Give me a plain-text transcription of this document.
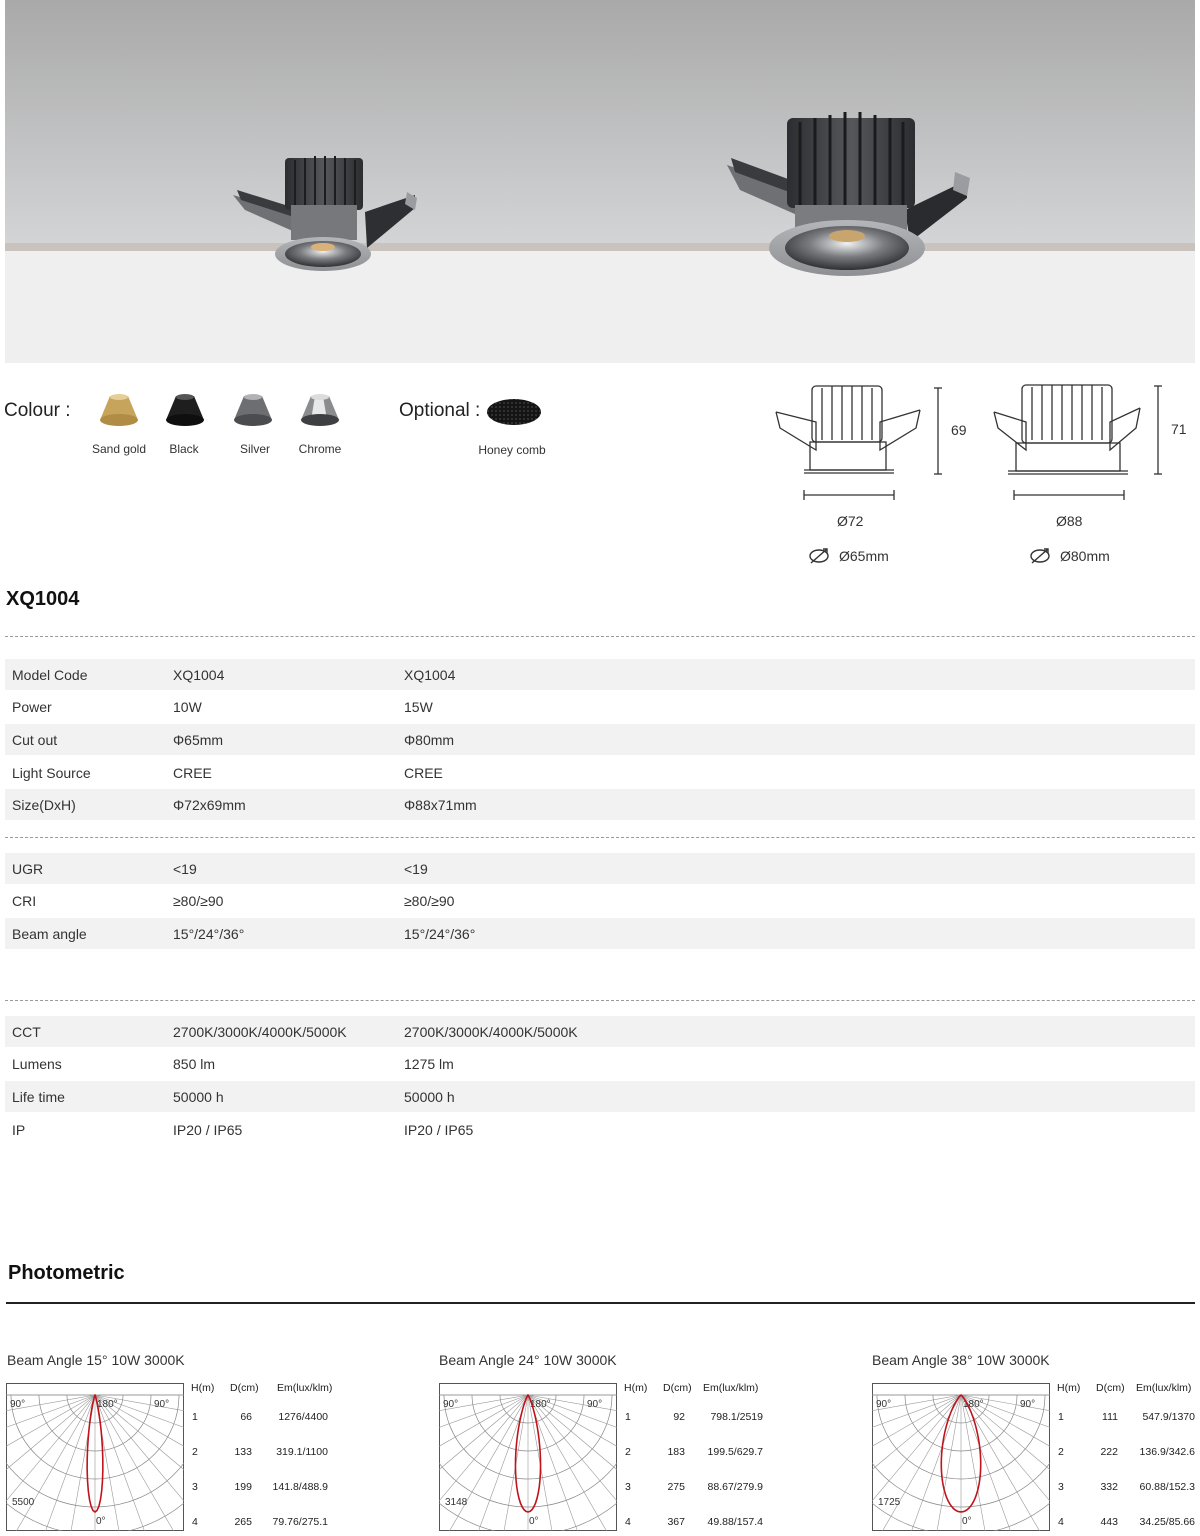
Colour :
Sand gold	Black	Silver	Chrome
Optional :
Honey comb
69
Ø72
71
Ø88
Ø65mm	Ø80mm
XQ1004
Model Code	XQ1004	XQ1004
Power	10W	15W
Cut out	Φ65mm	Φ80mm
Light Source	CREE	CREE
Size(DxH)	Φ72x69mm	Φ88x71mm
UGR	<19	<19
CRI	≥80/≥90	≥80/≥90
Beam angle	15°/24°/36°	15°/24°/36°
CCT	2700K/3000K/4000K/5000K	2700K/3000K/4000K/5000K
Lumens	850 lm	1275 lm
Life time	50000 h	50000 h
IP	IP20 / IP65	IP20 / IP65
Photometric
Beam Angle 15° 10W 3000K
90°	180°	90°
0°
5500
H(m) D(cm) Em(lux/klm)
1	66	1276/4400
2	133 319.1/1100
3	199 141.8/488.9
4	265 79.76/275.1
Beam Angle 24° 10W 3000K
90°	180°	90°
0°
3148
H(m) D(cm) Em(lux/klm)
1	92 798.1/2519
2	183 199.5/629.7
3	275 88.67/279.9
4	367 49.88/157.4
Beam Angle 38° 10W 3000K
90°	180°	90°
0°
1725
H(m) D(cm) Em(lux/klm)
1	111 547.9/1370
2	222 136.9/342.6
3	332 60.88/152.3
4	443 34.25/85.66
